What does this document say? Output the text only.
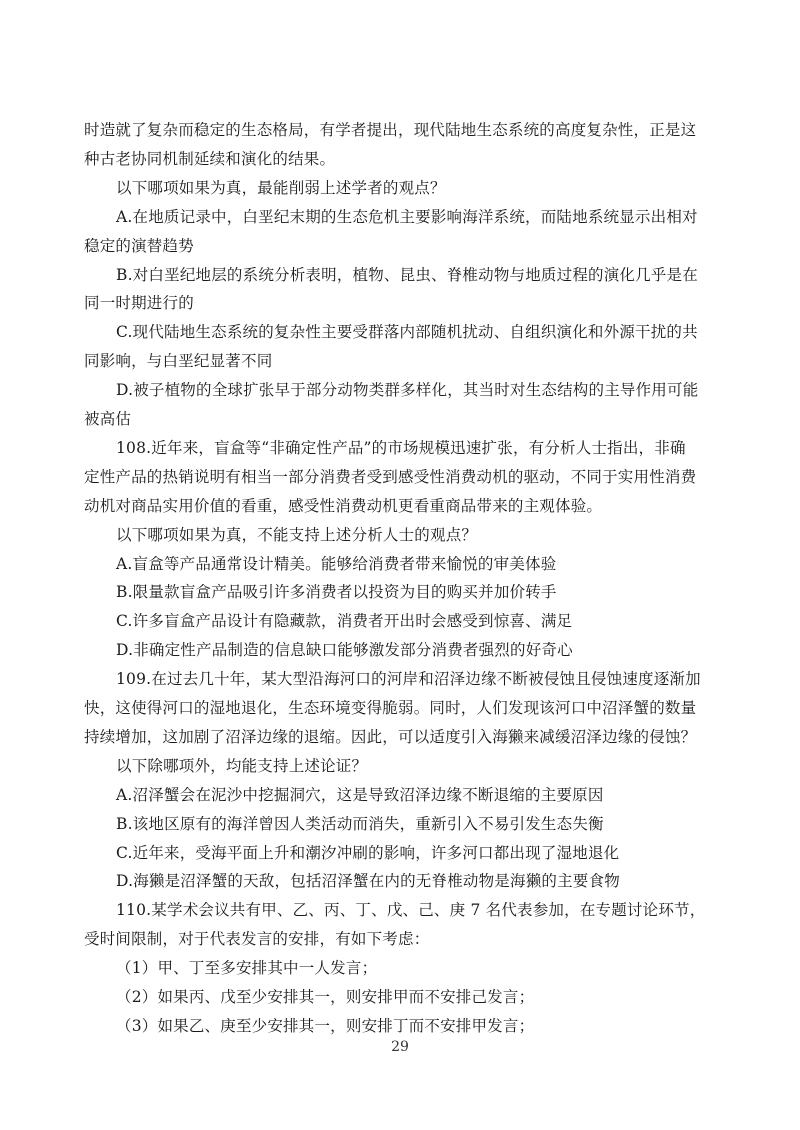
29
时造就了复杂而稳定的生态格局，有学者提出，现代陆地生态系统的高度复杂性，正是这
种古老协同机制延续和演化的结果。
以下哪项如果为真，最能削弱上述学者的观点？
A.在地质记录中，白垩纪末期的生态危机主要影响海洋系统，而陆地系统显示出相对
稳定的演替趋势
B.对白垩纪地层的系统分析表明，植物、昆虫、脊椎动物与地质过程的演化几乎是在
同一时期进行的
C.现代陆地生态系统的复杂性主要受群落内部随机扰动、自组织演化和外源干扰的共
同影响，与白垩纪显著不同
D.被子植物的全球扩张早于部分动物类群多样化，其当时对生态结构的主导作用可能
被高估
108.近年来，盲盒等“非确定性产品”的市场规模迅速扩张，有分析人士指出，非确
定性产品的热销说明有相当一部分消费者受到感受性消费动机的驱动，不同于实用性消费
动机对商品实用价值的看重，感受性消费动机更看重商品带来的主观体验。
以下哪项如果为真，不能支持上述分析人士的观点？
A.盲盒等产品通常设计精美。能够给消费者带来愉悦的审美体验
B.限量款盲盒产品吸引许多消费者以投资为目的购买并加价转手
C.许多盲盒产品设计有隐藏款，消费者开出时会感受到惊喜、满足
D.非确定性产品制造的信息缺口能够激发部分消费者强烈的好奇心
109.在过去几十年，某大型沿海河口的河岸和沼泽边缘不断被侵蚀且侵蚀速度逐渐加
快，这使得河口的湿地退化，生态环境变得脆弱。同时，人们发现该河口中沼泽蟹的数量
持续增加，这加剧了沼泽边缘的退缩。因此，可以适度引入海獭来减缓沼泽边缘的侵蚀？
以下除哪项外，均能支持上述论证？
A.沼泽蟹会在泥沙中挖掘洞穴，这是导致沼泽边缘不断退缩的主要原因
B.该地区原有的海洋曾因人类活动而消失，重新引入不易引发生态失衡
C.近年来，受海平面上升和潮汐冲刷的影响，许多河口都出现了湿地退化
D.海獭是沼泽蟹的天敌，包括沼泽蟹在内的无脊椎动物是海獭的主要食物
110.某学术会议共有甲、乙、丙、丁、戊、己、庚 7 名代表参加，在专题讨论环节，
受时间限制，对于代表发言的安排，有如下考虑：
（1）甲、丁至多安排其中一人发言；
（2）如果丙、戊至少安排其一，则安排甲而不安排己发言；
（3）如果乙、庚至少安排其一，则安排丁而不安排甲发言；
